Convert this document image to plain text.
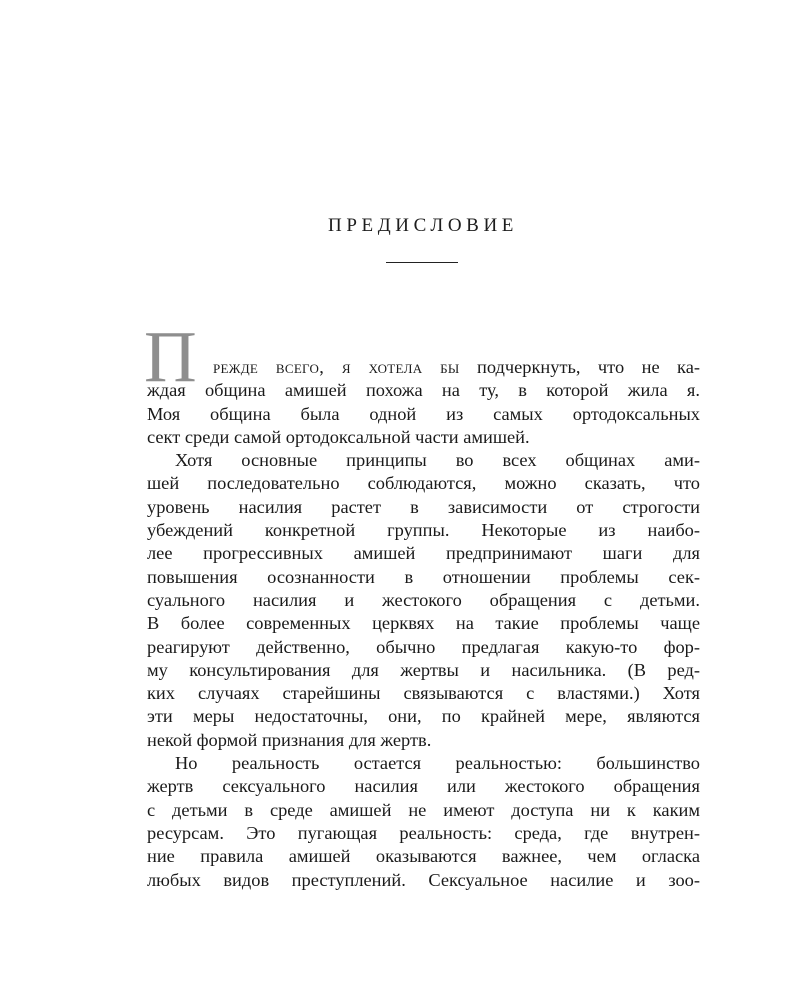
ПРЕДИСЛОВИЕ
П режде всего, я хотела бы подчеркнуть, что не ка-
ждая община амишей похожа на ту, в которой жила я.
Моя община была одной из самых ортодоксальных
сект среди самой ортодоксальной части амишей.
Хотя основные принципы во всех общинах ами-
шей последовательно соблюдаются, можно сказать, что
уровень насилия растет в зависимости от строгости
убеждений конкретной группы. Некоторые из наибо-
лее прогрессивных амишей предпринимают шаги для
повышения осознанности в отношении проблемы сек-
суального насилия и жестокого обращения с детьми.
В более современных церквях на такие проблемы чаще
реагируют действенно, обычно предлагая какую-то фор-
му консультирования для жертвы и насильника. (В ред-
ких случаях старейшины связываются с властями.) Хотя
эти меры недостаточны, они, по крайней мере, являются
некой формой признания для жертв.
Но реальность остается реальностью: большинство
жертв сексуального насилия или жестокого обращения
с детьми в среде амишей не имеют доступа ни к каким
ресурсам. Это пугающая реальность: среда, где внутрен-
ние правила амишей оказываются важнее, чем огласка
любых видов преступлений. Сексуальное насилие и зоо-
